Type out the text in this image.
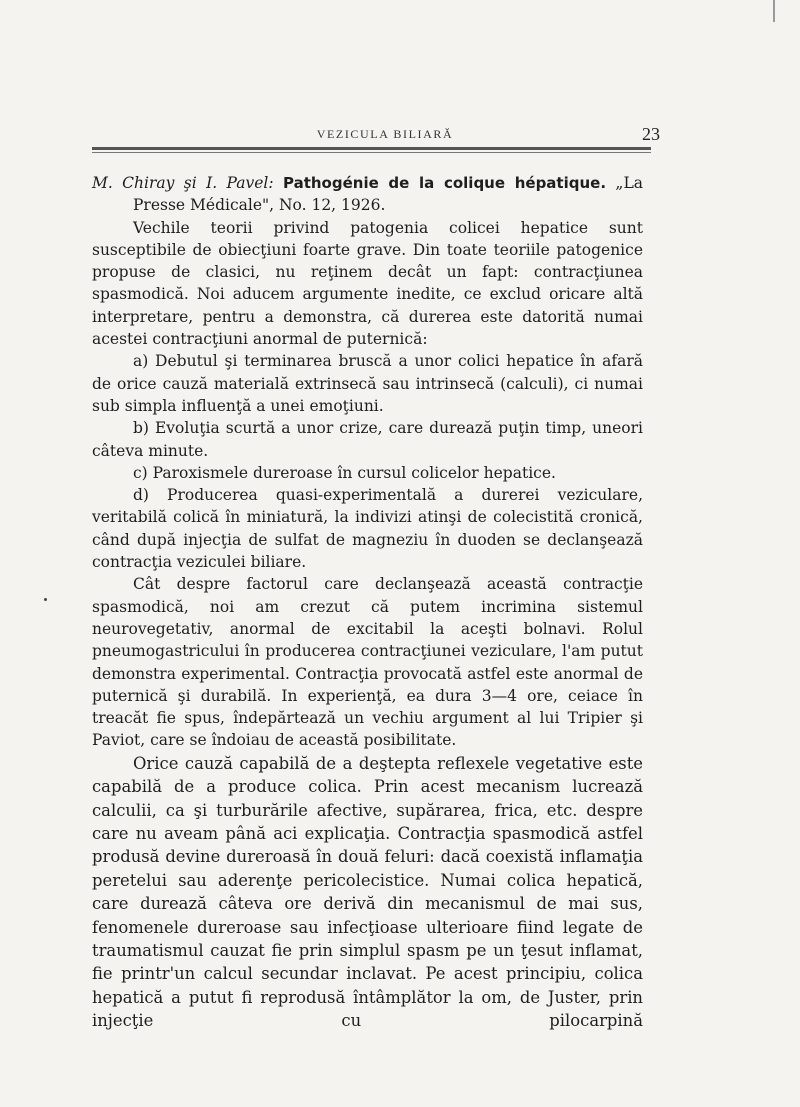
VEZICULA BILIARĂ	23

M. Chiray şi I. Pavel: Pathogénie de la colique hépatique. „La Presse Médicale", No. 12, 1926.

Vechile teorii privind patogenia colicei hepatice sunt susceptibile de obiecţiuni foarte grave. Din toate teoriile patogenice propuse de clasici, nu reţinem decât un fapt: contracţiunea spasmodică. Noi aducem argumente inedite, ce exclud oricare altă interpretare, pentru a demonstra, că durerea este datorită numai acestei contracţiuni anormal de puternică:

a) Debutul şi terminarea bruscă a unor colici hepatice în afară de orice cauză materială extrinsecă sau intrinsecă (calculi), ci numai sub simpla influenţă a unei emoţiuni.

b) Evoluţia scurtă a unor crize, care durează puţin timp, uneori câteva minute.

c) Paroxismele dureroase în cursul colicelor hepatice.

d) Producerea quasi-experimentală a durerei veziculare, veritabilă colică în miniatură, la indivizi atinşi de colecistită cronică, când după injecţia de sulfat de magneziu în duoden se declanşează contracţia veziculei biliare.

Cât despre factorul care declanşează această contracţie spasmodică, noi am crezut că putem incrimina sistemul neurovegetativ, anormal de excitabil la aceşti bolnavi. Rolul pneumogastricului în producerea contracţiunei veziculare, l'am putut demonstra experimental. Contracţia provocată astfel este anormal de puternică şi durabilă. In experienţă, ea dura 3—4 ore, ceiace în treacăt fie spus, îndepărtează un vechiu argument al lui Tripier şi Paviot, care se îndoiau de această posibilitate.

Orice cauză capabilă de a deştepta reflexele vegetative este capabilă de a produce colica. Prin acest mecanism lucrează calculii, ca şi turburările afective, supărarea, frica, etc. despre care nu aveam până aci explicaţia. Contracţia spasmodică astfel produsă devine dureroasă în două feluri: dacă coexistă inflamaţia peretelui sau aderenţe pericolecistice. Numai colica hepatică, care durează câteva ore derivă din mecanismul de mai sus, fenomenele dureroase sau infecţioase ulterioare fiind legate de traumatismul cauzat fie prin simplul spasm pe un ţesut inflamat, fie printr'un calcul secundar inclavat. Pe acest principiu, colica hepatică a putut fi reprodusă întâmplător la om, de Juster, prin injecţie cu pilocarpină
